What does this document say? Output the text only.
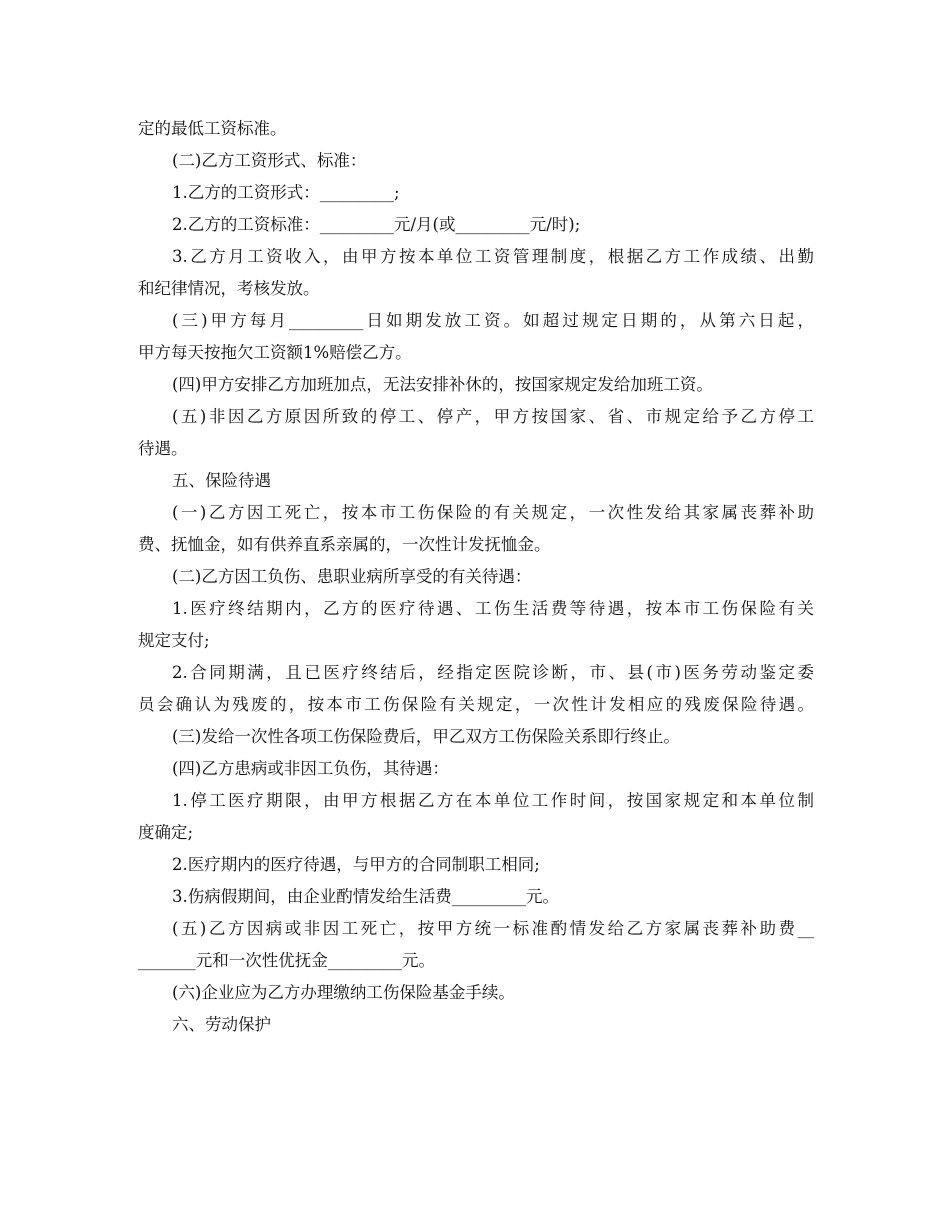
定的最低工资标准。
(二)乙方工资形式、标准：
1.乙方的工资形式：_________;
2.乙方的工资标准：_________元/月(或_________元/时);
3.乙方月工资收入，由甲方按本单位工资管理制度，根据乙方工作成绩、出勤
和纪律情况，考核发放。
(三)甲方每月_________日如期发放工资。如超过规定日期的，从第六日起，
甲方每天按拖欠工资额1%赔偿乙方。
(四)甲方安排乙方加班加点，无法安排补休的，按国家规定发给加班工资。
(五)非因乙方原因所致的停工、停产，甲方按国家、省、市规定给予乙方停工
待遇。
五、保险待遇
(一)乙方因工死亡，按本市工伤保险的有关规定，一次性发给其家属丧葬补助
费、抚恤金，如有供养直系亲属的，一次性计发抚恤金。
(二)乙方因工负伤、患职业病所享受的有关待遇：
1.医疗终结期内，乙方的医疗待遇、工伤生活费等待遇，按本市工伤保险有关
规定支付;
2.合同期满，且已医疗终结后，经指定医院诊断，市、县(市)医务劳动鉴定委
员会确认为残废的，按本市工伤保险有关规定，一次性计发相应的残废保险待遇。
(三)发给一次性各项工伤保险费后，甲乙双方工伤保险关系即行终止。
(四)乙方患病或非因工负伤，其待遇：
1.停工医疗期限，由甲方根据乙方在本单位工作时间，按国家规定和本单位制
度确定;
2.医疗期内的医疗待遇，与甲方的合同制职工相同;
3.伤病假期间，由企业酌情发给生活费_________元。
(五)乙方因病或非因工死亡，按甲方统一标准酌情发给乙方家属丧葬补助费__
_______元和一次性优抚金_________元。
(六)企业应为乙方办理缴纳工伤保险基金手续。
六、劳动保护
